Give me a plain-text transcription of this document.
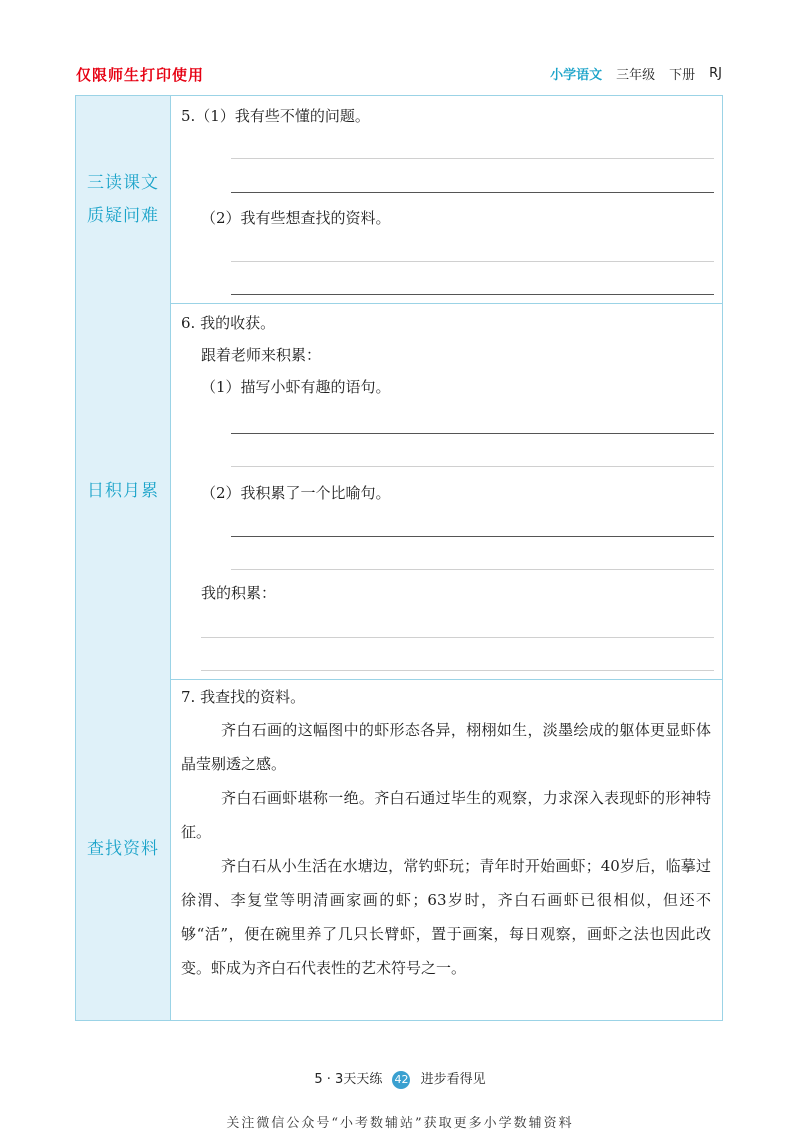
仅限师生打印使用	小学语文 三年级 下册 RJ
三读课文
质疑问难
5.（1）我有些不懂的问题。
（2）我有些想查找的资料。
日积月累
6. 我的收获。
跟着老师来积累：
（1）描写小虾有趣的语句。
（2）我积累了一个比喻句。
我的积累：
查找资料
7. 我查找的资料。

齐白石画的这幅图中的虾形态各异，栩栩如生，淡墨绘成的躯体更显虾体晶莹剔透之感。

齐白石画虾堪称一绝。齐白石通过毕生的观察，力求深入表现虾的形神特征。

齐白石从小生活在水塘边，常钓虾玩；青年时开始画虾；40岁后，临摹过徐渭、李复堂等明清画家画的虾；63岁时，齐白石画虾已很相似，但还不够“活”，便在碗里养了几只长臂虾，置于画案，每日观察，画虾之法也因此改变。虾成为齐白石代表性的艺术符号之一。

5 · 3天天练 42 进步看得见
关注微信公众号“小考数辅站”获取更多小学数辅资料
